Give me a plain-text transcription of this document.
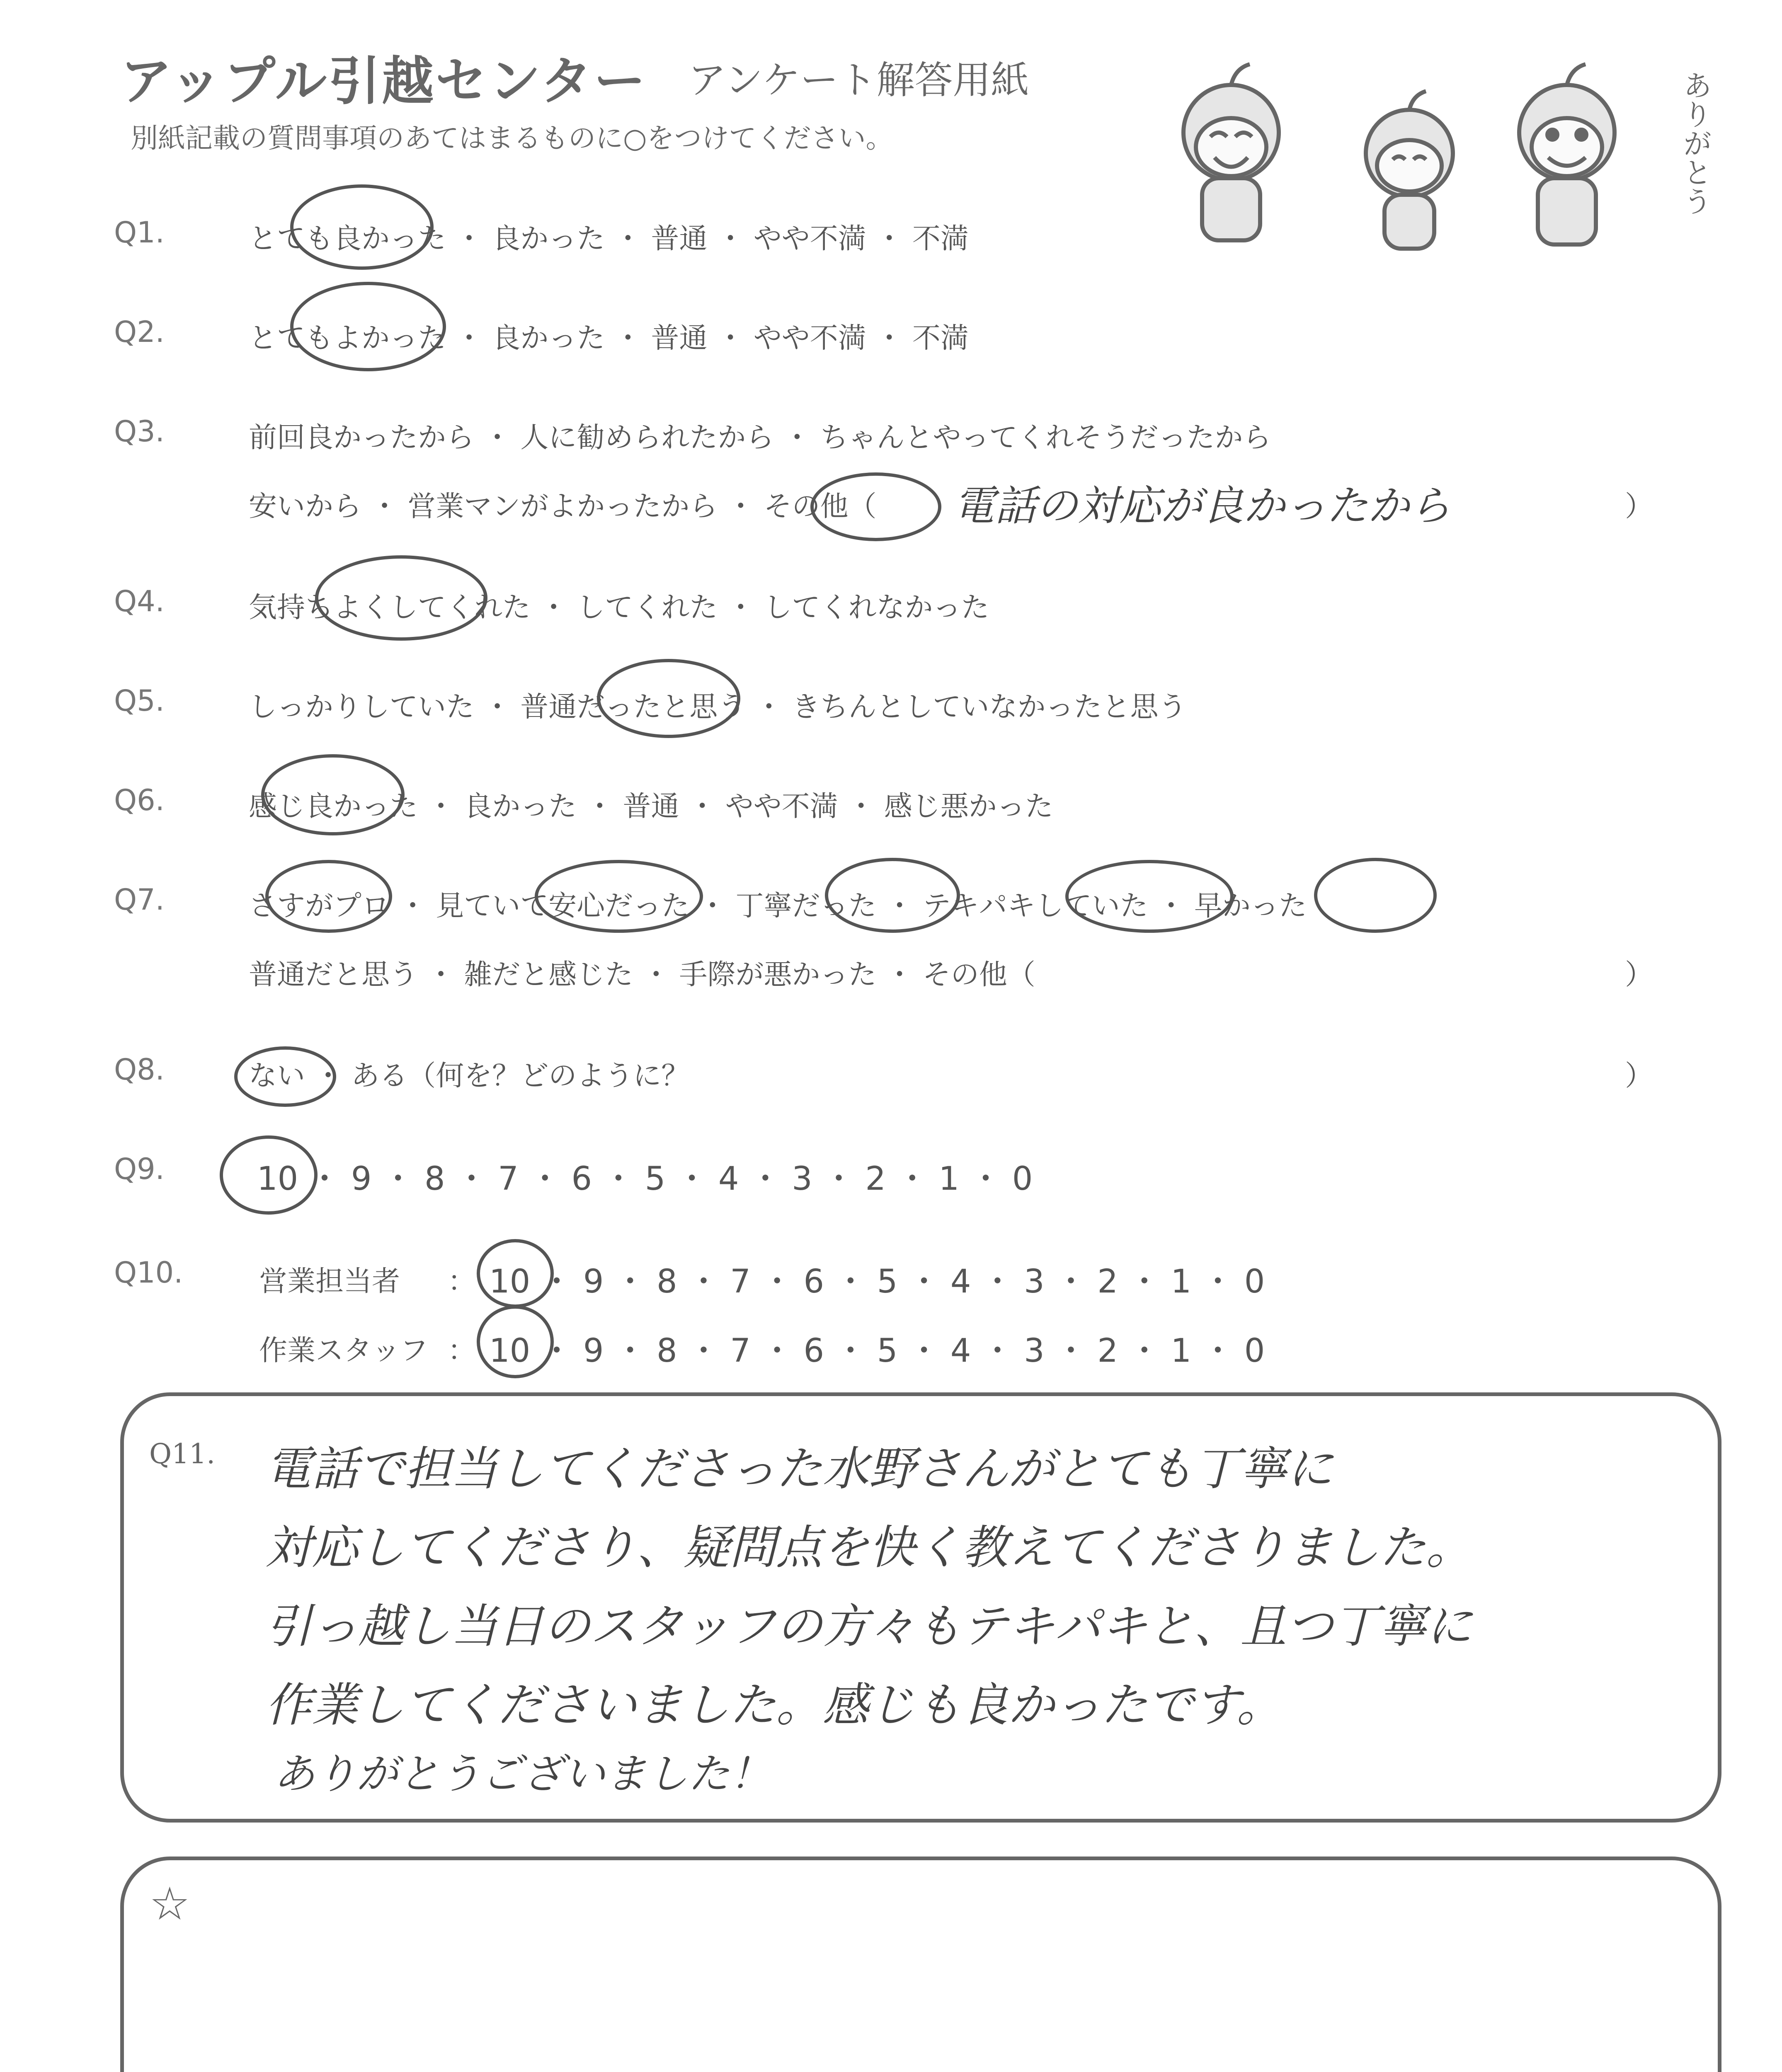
アップル引越センター アンケート解答用紙
別紙記載の質問事項のあてはまるものに○をつけてください。	ありがとう
Q1.	とても良かった ・ 良かった ・ 普通 ・ やや不満 ・ 不満
Q2.	とてもよかった ・ 良かった ・ 普通 ・ やや不満 ・ 不満
Q3.	前回良かったから ・ 人に勧められたから ・ ちゃんとやってくれそうだったから
安いから ・ 営業マンがよかったから ・ その他（ 電話の対応が良かったから	）
Q4.	気持ちよくしてくれた ・ してくれた ・ してくれなかった
Q5.	しっかりしていた ・ 普通だったと思う ・ きちんとしていなかったと思う
Q6.	感じ良かった ・ 良かった ・ 普通 ・ やや不満 ・ 感じ悪かった
Q7.	さすがプロ ・ 見ていて安心だった ・ 丁寧だった ・ テキパキしていた ・ 早かった
普通だと思う ・ 雑だと感じた ・ 手際が悪かった ・ その他（	）
Q8.	ない ・ ある（何を？どのように？	）
Q9.	10 ・ 9 ・ 8 ・ 7 ・ 6 ・ 5 ・ 4 ・ 3 ・ 2 ・ 1 ・ 0
Q10.	営業担当者 ： 10 ・ 9 ・ 8 ・ 7 ・ 6 ・ 5 ・ 4 ・ 3 ・ 2 ・ 1 ・ 0
作業スタッフ ： 10 ・ 9 ・ 8 ・ 7 ・ 6 ・ 5 ・ 4 ・ 3 ・ 2 ・ 1 ・ 0
Q11. 電話で担当してくださった水野さんがとても丁寧に
対応してくださり、疑問点を快く教えてくださりました。
引っ越し当日のスタッフの方々もテキパキと、且つ丁寧に
作業してくださいました。感じも良かったです。
ありがとうございました！
☆
